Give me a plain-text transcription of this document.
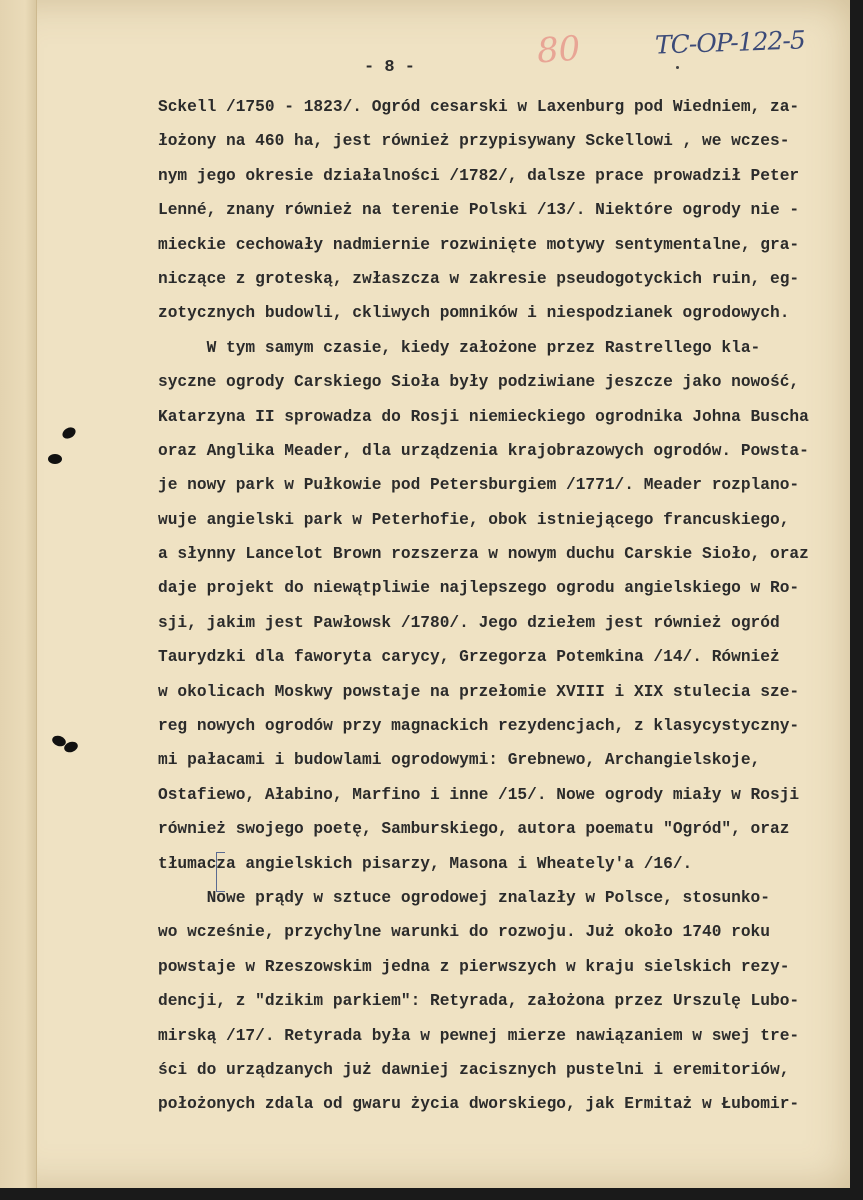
- 8 -	80	TC-OP-122-5
Sckell /1750 - 1823/. Ogród cesarski w Laxenburg pod Wiedniem, za-
łożony na 460 ha, jest również przypisywany Sckellowi , we wczes-
nym jego okresie działalności /1782/, dalsze prace prowadził Peter
Lenné, znany również na terenie Polski /13/. Niektóre ogrody nie -
mieckie cechowały nadmiernie rozwinięte motywy sentymentalne, gra-
niczące z groteską, zwłaszcza w zakresie pseudogotyckich ruin, eg-
zotycznych budowli, ckliwych pomników i niespodzianek ogrodowych.
W tym samym czasie, kiedy założone przez Rastrellego kla-
syczne ogrody Carskiego Sioła były podziwiane jeszcze jako nowość,
Katarzyna II sprowadza do Rosji niemieckiego ogrodnika Johna Buscha
oraz Anglika Meader, dla urządzenia krajobrazowych ogrodów. Powsta-
je nowy park w Pułkowie pod Petersburgiem /1771/. Meader rozplano-
wuje angielski park w Peterhofie, obok istniejącego francuskiego,
a słynny Lancelot Brown rozszerza w nowym duchu Carskie Sioło, oraz
daje projekt do niewątpliwie najlepszego ogrodu angielskiego w Ro-
sji, jakim jest Pawłowsk /1780/. Jego dziełem jest również ogród
Taurydzki dla faworyta carycy, Grzegorza Potemkina /14/. Również
w okolicach Moskwy powstaje na przełomie XVIII i XIX stulecia sze-
reg nowych ogrodów przy magnackich rezydencjach, z klasycystyczny-
mi pałacami i budowlami ogrodowymi: Grebnewo, Archangielskoje,
Ostafiewo, Ałabino, Marfino i inne /15/. Nowe ogrody miały w Rosji
również swojego poetę, Samburskiego, autora poematu "Ogród", oraz
tłumacza angielskich pisarzy, Masona i Wheately'a /16/.
Nowe prądy w sztuce ogrodowej znalazły w Polsce, stosunko-
wo wcześnie, przychylne warunki do rozwoju. Już około 1740 roku
powstaje w Rzeszowskim jedna z pierwszych w kraju sielskich rezy-
dencji, z "dzikim parkiem": Retyrada, założona przez Urszulę Lubo-
mirską /17/. Retyrada była w pewnej mierze nawiązaniem w swej tre-
ści do urządzanych już dawniej zacisznych pustelni i eremitoriów,
położonych zdala od gwaru życia dworskiego, jak Ermitaż w Łubomir-
